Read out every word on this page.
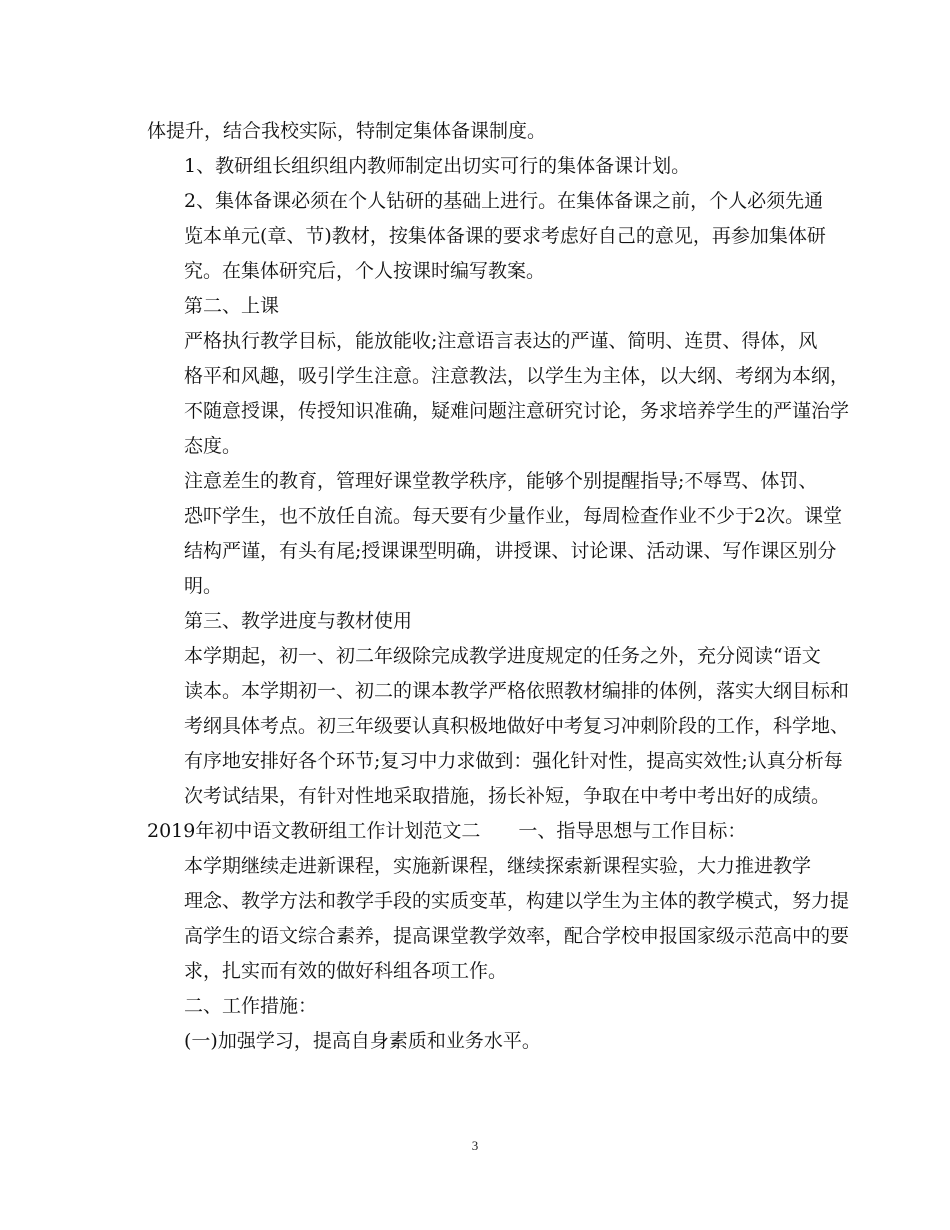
体提升，结合我校实际，特制定集体备课制度。

1、教研组长组织组内教师制定出切实可行的集体备课计划。

2、集体备课必须在个人钻研的基础上进行。在集体备课之前，个人必须先通
览本单元(章、节)教材，按集体备课的要求考虑好自己的意见，再参加集体研
究。在集体研究后，个人按课时编写教案。

第二、上课

严格执行教学目标，能放能收;注意语言表达的严谨、简明、连贯、得体，风
格平和风趣，吸引学生注意。注意教法，以学生为主体，以大纲、考纲为本纲，
不随意授课，传授知识准确，疑难问题注意研究讨论，务求培养学生的严谨治学
态度。

注意差生的教育，管理好课堂教学秩序，能够个别提醒指导;不辱骂、体罚、
恐吓学生，也不放任自流。每天要有少量作业，每周检查作业不少于2次。课堂
结构严谨，有头有尾;授课课型明确，讲授课、讨论课、活动课、写作课区别分
明。

第三、教学进度与教材使用

本学期起，初一、初二年级除完成教学进度规定的任务之外，充分阅读“语文
读本。本学期初一、初二的课本教学严格依照教材编排的体例，落实大纲目标和
考纲具体考点。初三年级要认真积极地做好中考复习冲刺阶段的工作，科学地、
有序地安排好各个环节;复习中力求做到：强化针对性，提高实效性;认真分析每
次考试结果，有针对性地采取措施，扬长补短，争取在中考中考出好的成绩。

2019年初中语文教研组工作计划范文二　　一、指导思想与工作目标：

本学期继续走进新课程，实施新课程，继续探索新课程实验，大力推进教学
理念、教学方法和教学手段的实质变革，构建以学生为主体的教学模式，努力提
高学生的语文综合素养，提高课堂教学效率，配合学校申报国家级示范高中的要
求，扎实而有效的做好科组各项工作。

二、工作措施：

(一)加强学习，提高自身素质和业务水平。

3
